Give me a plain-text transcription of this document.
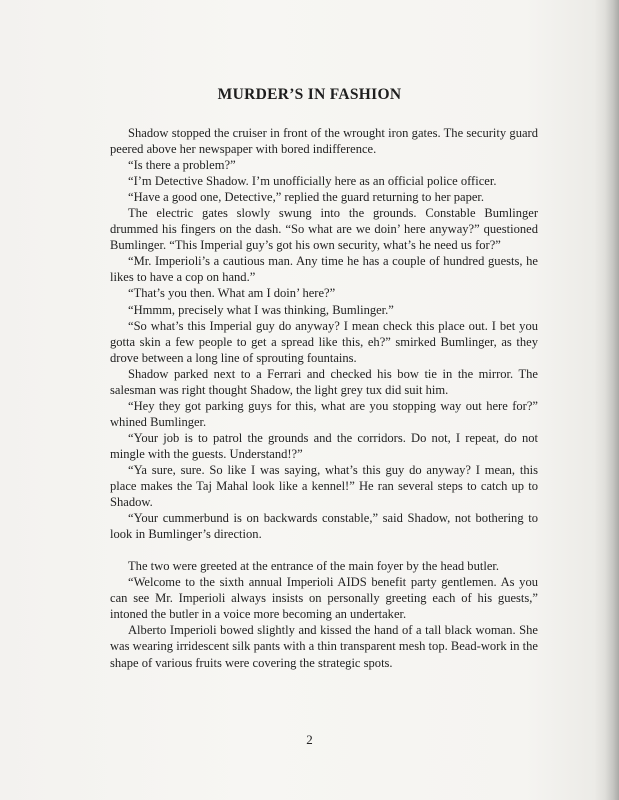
MURDER’S IN FASHION

Shadow stopped the cruiser in front of the wrought iron gates. The security guard peered above her newspaper with bored indifference.

“Is there a problem?”

“I’m Detective Shadow. I’m unofficially here as an official police officer.

“Have a good one, Detective,” replied the guard returning to her paper.

The electric gates slowly swung into the grounds. Constable Bumlinger drummed his fingers on the dash. “So what are we doin’ here anyway?” questioned Bumlinger. “This Imperial guy’s got his own security, what’s he need us for?”

“Mr. Imperioli’s a cautious man. Any time he has a couple of hundred guests, he likes to have a cop on hand.”

“That’s you then. What am I doin’ here?”

“Hmmm, precisely what I was thinking, Bumlinger.”

“So what’s this Imperial guy do anyway? I mean check this place out. I bet you gotta skin a few people to get a spread like this, eh?” smirked Bumlinger, as they drove between a long line of sprouting fountains.

Shadow parked next to a Ferrari and checked his bow tie in the mirror. The salesman was right thought Shadow, the light grey tux did suit him.

“Hey they got parking guys for this, what are you stopping way out here for?” whined Bumlinger.

“Your job is to patrol the grounds and the corridors. Do not, I repeat, do not mingle with the guests. Understand!?”

“Ya sure, sure. So like I was saying, what’s this guy do anyway? I mean, this place makes the Taj Mahal look like a kennel!” He ran several steps to catch up to Shadow.

“Your cummerbund is on backwards constable,” said Shadow, not bothering to look in Bumlinger’s direction.

The two were greeted at the entrance of the main foyer by the head butler.

“Welcome to the sixth annual Imperioli AIDS benefit party gentlemen. As you can see Mr. Imperioli always insists on personally greeting each of his guests,” intoned the butler in a voice more becoming an undertaker.

Alberto Imperioli bowed slightly and kissed the hand of a tall black woman. She was wearing irridescent silk pants with a thin transparent mesh top. Bead-work in the shape of various fruits were covering the strategic spots.

2
